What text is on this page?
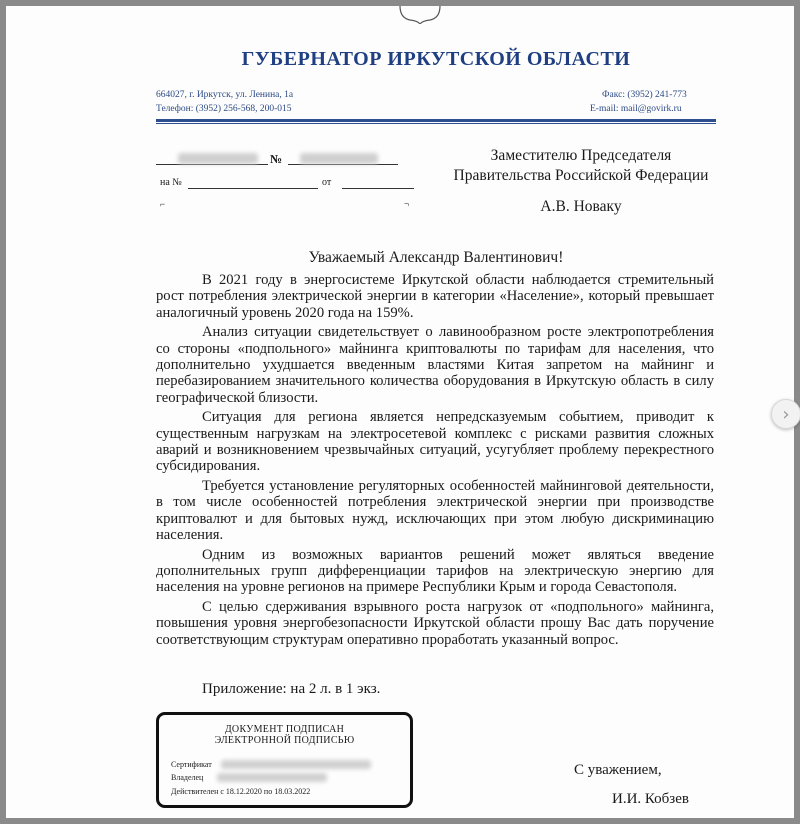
ГУБЕРНАТОР ИРКУТСКОЙ ОБЛАСТИ
664027, г. Иркутск, ул. Ленина, 1а
Телефон: (3952) 256-568, 200-015
Факс: (3952) 241-773
E-mail: mail@govirk.ru
№
на №	от
⌐	¬
Заместителю Председателя
Правительства Российской Федерации
А.В. Новаку
Уважаемый Александр Валентинович!

В 2021 году в энергосистеме Иркутской области наблюдается стремительный рост потребления электрической энергии в категории «Население», который превышает аналогичный уровень 2020 года на 159%.

Анализ ситуации свидетельствует о лавинообразном росте электропотребления со стороны «подпольного» майнинга криптовалюты по тарифам для населения, что дополнительно ухудшается введенным властями Китая запретом на майнинг и перебазированием значительного количества оборудования в Иркутскую область в силу географической близости.

Ситуация для региона является непредсказуемым событием, приводит к существенным нагрузкам на электросетевой комплекс с рисками развития сложных аварий и возникновением чрезвычайных ситуаций, усугубляет проблему перекрестного субсидирования.

Требуется установление регуляторных особенностей майнинговой деятельности, в том числе особенностей потребления электрической энергии при производстве криптовалют и для бытовых нужд, исключающих при этом любую дискриминацию населения.

Одним из возможных вариантов решений может являться введение дополнительных групп дифференциации тарифов на электрическую энергию для населения на уровне регионов на примере Республики Крым и города Севастополя.

С целью сдерживания взрывного роста нагрузок от «подпольного» майнинга, повышения уровня энергобезопасности Иркутской области прошу Вас дать поручение соответствующим структурам оперативно проработать указанный вопрос.

Приложение: на 2 л. в 1 экз.
ДОКУМЕНТ ПОДПИСАН
ЭЛЕКТРОННОЙ ПОДПИСЬЮ
Сертификат
Владелец
Действителен с 18.12.2020 по 18.03.2022
С уважением,
И.И. Кобзев
›
